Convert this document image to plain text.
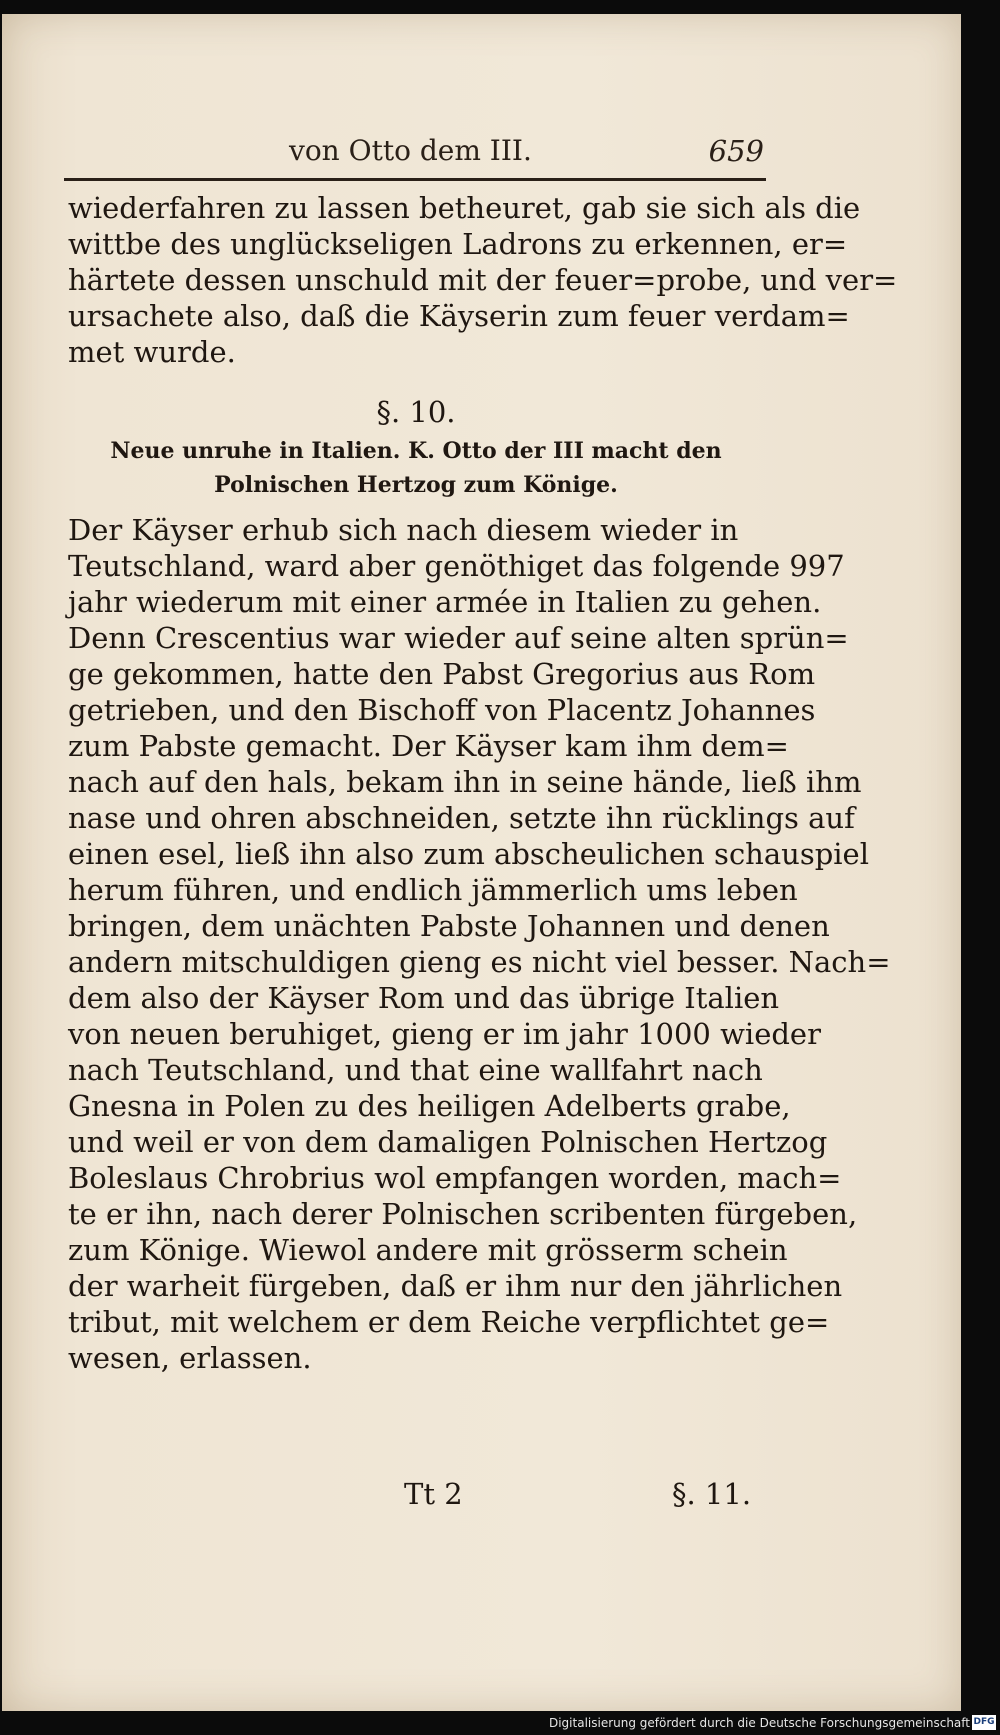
von Otto dem III.	659
wiederfahren zu lassen betheuret, gab sie sich als die
wittbe des unglückseligen Ladrons zu erkennen, er=
härtete dessen unschuld mit der feuer=probe, und ver=
ursachete also, daß die Käyserin zum feuer verdam=
met wurde.
§. 10.
Neue unruhe in Italien. K. Otto der III macht den
Polnischen Hertzog zum Könige.
Der Käyser erhub sich nach diesem wieder in
Teutschland, ward aber genöthiget das folgende 997
jahr wiederum mit einer armée in Italien zu gehen.
Denn Crescentius war wieder auf seine alten sprün=
ge gekommen, hatte den Pabst Gregorius aus Rom
getrieben, und den Bischoff von Placentz Johannes
zum Pabste gemacht. Der Käyser kam ihm dem=
nach auf den hals, bekam ihn in seine hände, ließ ihm
nase und ohren abschneiden, setzte ihn rücklings auf
einen esel, ließ ihn also zum abscheulichen schauspiel
herum führen, und endlich jämmerlich ums leben
bringen, dem unächten Pabste Johannen und denen
andern mitschuldigen gieng es nicht viel besser. Nach=
dem also der Käyser Rom und das übrige Italien
von neuen beruhiget, gieng er im jahr 1000 wieder
nach Teutschland, und that eine wallfahrt nach
Gnesna in Polen zu des heiligen Adelberts grabe,
und weil er von dem damaligen Polnischen Hertzog
Boleslaus Chrobrius wol empfangen worden, mach=
te er ihn, nach derer Polnischen scribenten fürgeben,
zum Könige. Wiewol andere mit grösserm schein
der warheit fürgeben, daß er ihm nur den jährlichen
tribut, mit welchem er dem Reiche verpflichtet ge=
wesen, erlassen.
Tt 2	§. 11.
Digitalisierung gefördert durch die Deutsche Forschungsgemeinschaft DFG
